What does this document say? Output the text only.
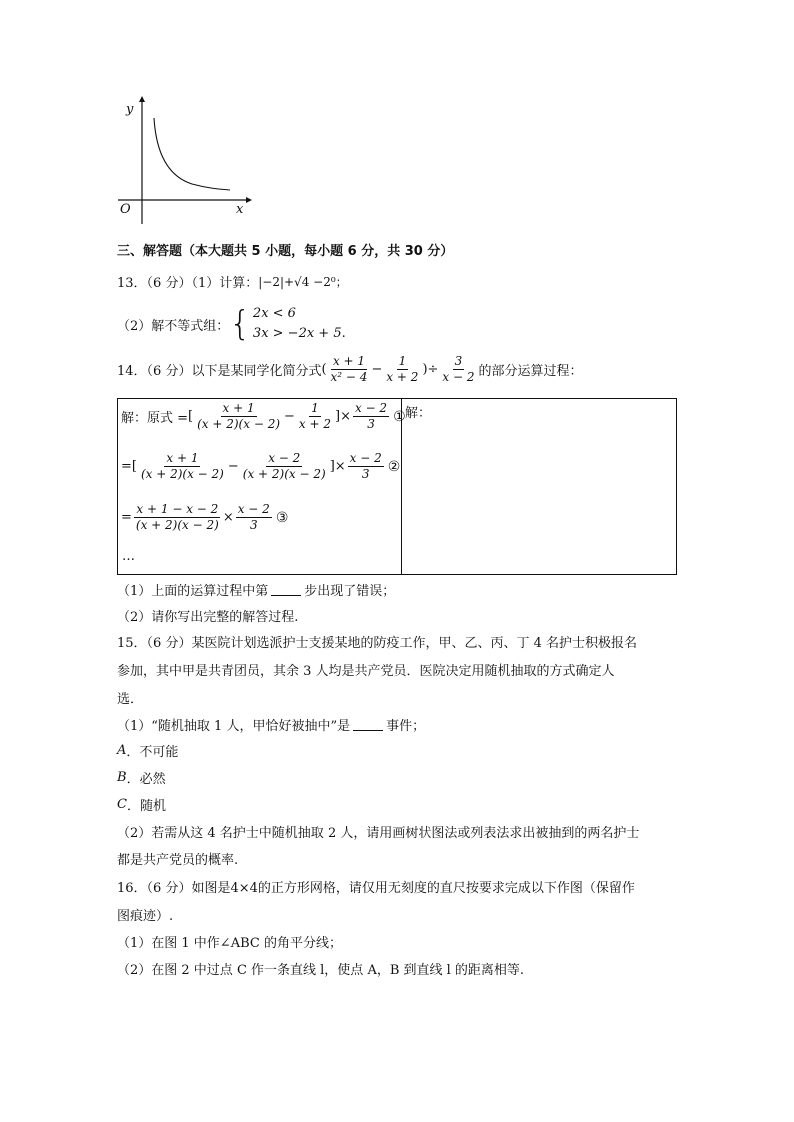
y
x
O
三、解答题（本大题共 5 小题，每小题 6 分，共 30 分）
13．（6 分）（1）计算： |−2|+√4 −2⁰；
（2）解不等式组： { 2x < 6
3x > −2x + 5 .
14．（6 分）以下是某同学化简分式 ( $\frac{x + 1}{\text{x² − 4}} - \frac{1}{x + 2}$ ) ÷ $\frac{3}{x - 2}$ 的部分运算过程：
解：原式 = [ $\frac{x + 1}{(x + 2)(x - 2)} - \frac{1}{x + 2}$ ]× $\frac{x - 2}{3}$ ①
=[ $\frac{x + 1}{(x + 2)(x - 2)} - \frac{x - 2}{(x + 2)(x - 2)}$ ]× $\frac{x - 2}{3}$ ②
= $\frac{x + 1 - x - 2}{(x + 2)(x - 2)} \times \frac{x - 2}{3}$ ③
…

解：
（1）上面的运算过程中第	步出现了错误；
（2）请你写出完整的解答过程.
15．（6 分）某医院计划选派护士支援某地的防疫工作，甲、乙、丙、丁 4 名护士积极报名
参加，其中甲是共青团员，其余 3 人均是共产党员．医院决定用随机抽取的方式确定人
选．
（1）“随机抽取 1 人，甲恰好被抽中”是	事件；
A ．不可能
B ．必然
C ．随机
（2）若需从这 4 名护士中随机抽取 2 人，请用画树状图法或列表法求出被抽到的两名护士
都是共产党员的概率.
16．（6 分）如图是4×4的正方形网格，请仅用无刻度的直尺按要求完成以下作图（保留作
图痕迹）.
（1）在图 1 中作∠ABC 的角平分线；
（2）在图 2 中过点 C 作一条直线 l，使点 A，B 到直线 l 的距离相等.
